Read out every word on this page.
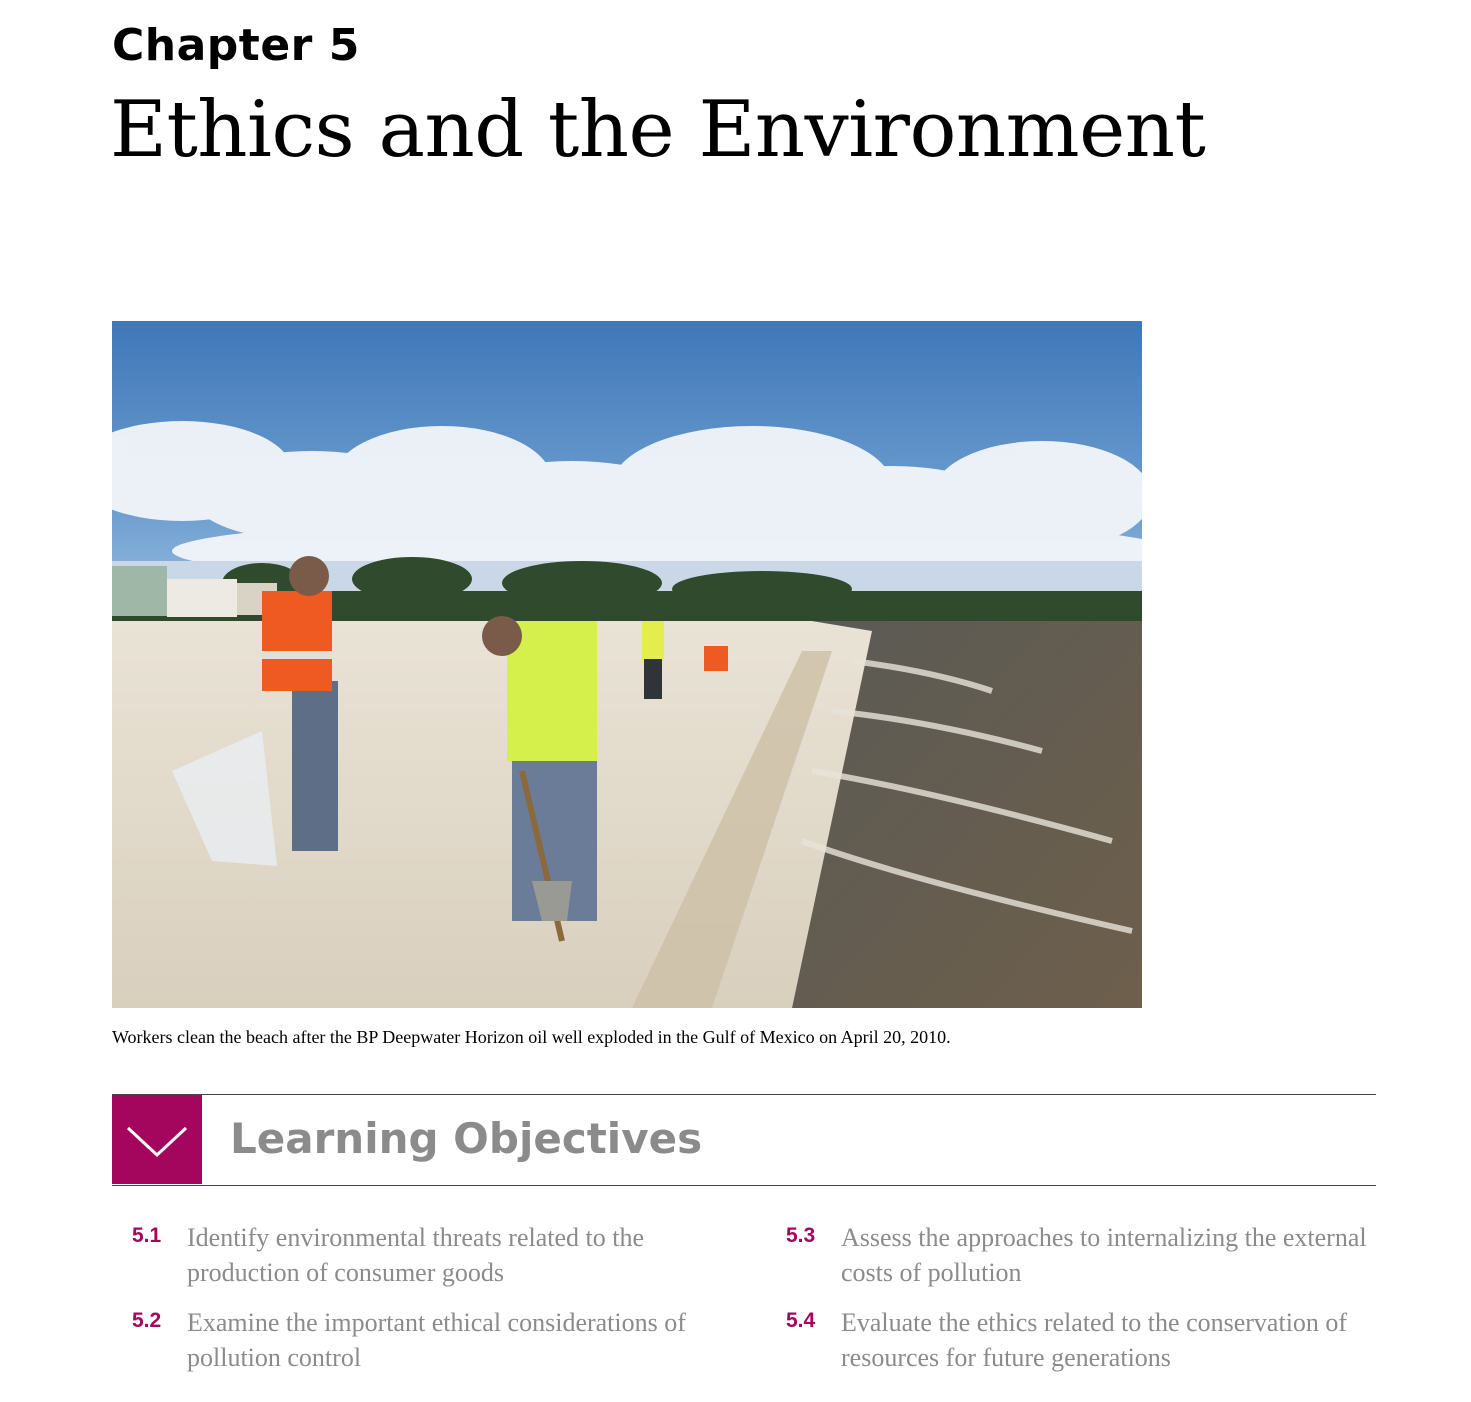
Chapter 5
Ethics and the Environment
Workers clean the beach after the BP Deepwater Horizon oil well exploded in the Gulf of Mexico on April 20, 2010.
Learning Objectives
5.1 Identify environmental threats related to the production of consumer goods
5.2 Examine the important ethical considerations of pollution control
5.3 Assess the approaches to internalizing the external costs of pollution
5.4 Evaluate the ethics related to the conservation of resources for future generations
